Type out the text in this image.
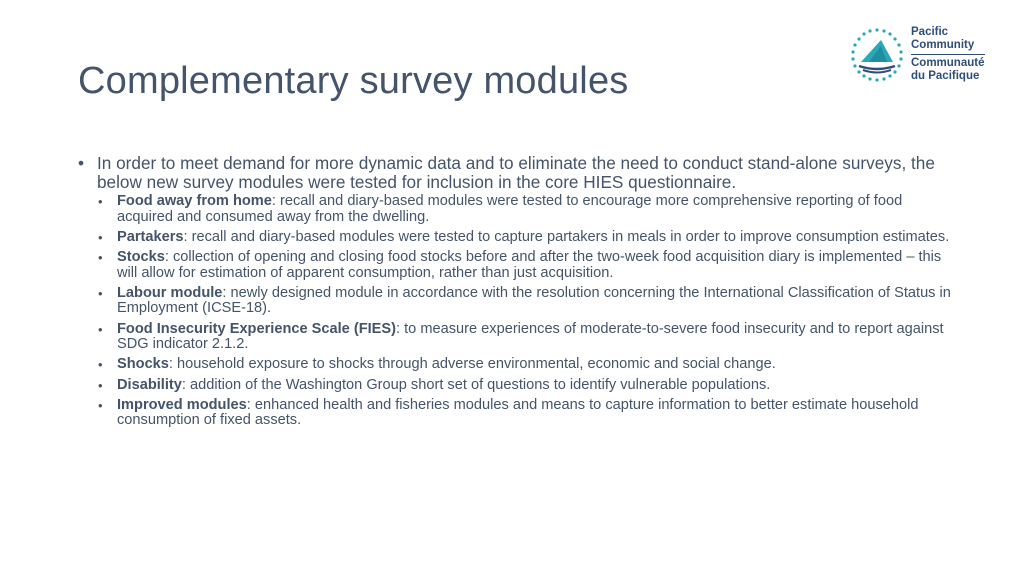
Complementary survey modules
Pacific
Community
Communauté
du Pacifique
• In order to meet demand for more dynamic data and to eliminate the need to conduct stand-alone surveys, the below new survey modules were tested for inclusion in the core HIES questionnaire.
• Food away from home: recall and diary-based modules were tested to encourage more comprehensive reporting of food acquired and consumed away from the dwelling.
• Partakers: recall and diary-based modules were tested to capture partakers in meals in order to improve consumption estimates.
• Stocks: collection of opening and closing food stocks before and after the two-week food acquisition diary is implemented – this will allow for estimation of apparent consumption, rather than just acquisition.
• Labour module: newly designed module in accordance with the resolution concerning the International Classification of Status in Employment (ICSE-18).
• Food Insecurity Experience Scale (FIES): to measure experiences of moderate-to-severe food insecurity and to report against SDG indicator 2.1.2.
• Shocks: household exposure to shocks through adverse environmental, economic and social change.
• Disability: addition of the Washington Group short set of questions to identify vulnerable populations.
• Improved modules: enhanced health and fisheries modules and means to capture information to better estimate household consumption of fixed assets.
